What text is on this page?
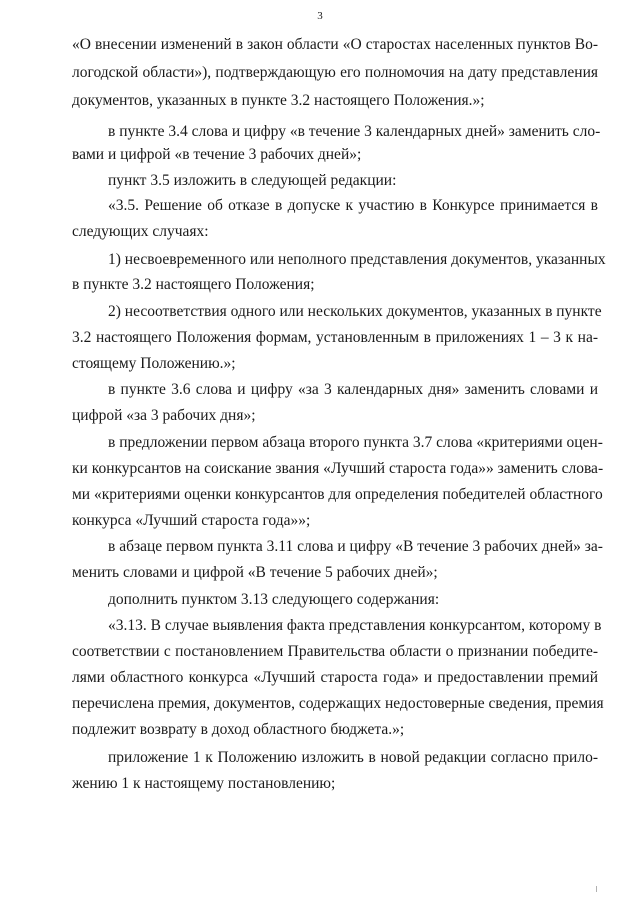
3
«О внесении изменений в закон области «О старостах населенных пунктов Во-
логодской области»), подтверждающую его полномочия на дату представления
документов, указанных в пункте 3.2 настоящего Положения.»;
в пункте 3.4 слова и цифру «в течение 3 календарных дней» заменить сло-
вами и цифрой «в течение 3 рабочих дней»;
пункт 3.5 изложить в следующей редакции:
«3.5. Решение об отказе в допуске к участию в Конкурсе принимается в
следующих случаях:
1) несвоевременного или неполного представления документов, указанных
в пункте 3.2 настоящего Положения;
2) несоответствия одного или нескольких документов, указанных в пункте
3.2 настоящего Положения формам, установленным в приложениях 1 – 3 к на-
стоящему Положению.»;
в пункте 3.6 слова и цифру «за 3 календарных дня» заменить словами и
цифрой «за 3 рабочих дня»;
в предложении первом абзаца второго пункта 3.7 слова «критериями оцен-
ки конкурсантов на соискание звания «Лучший староста года»» заменить слова-
ми «критериями оценки конкурсантов для определения победителей областного
конкурса «Лучший староста года»»;
в абзаце первом пункта 3.11 слова и цифру «В течение 3 рабочих дней» за-
менить словами и цифрой «В течение 5 рабочих дней»;
дополнить пунктом 3.13 следующего содержания:
«3.13. В случае выявления факта представления конкурсантом, которому в
соответствии с постановлением Правительства области о признании победите-
лями областного конкурса «Лучший староста года» и предоставлении премий
перечислена премия, документов, содержащих недостоверные сведения, премия
подлежит возврату в доход областного бюджета.»;
приложение 1 к Положению изложить в новой редакции согласно прило-
жению 1 к настоящему постановлению;
